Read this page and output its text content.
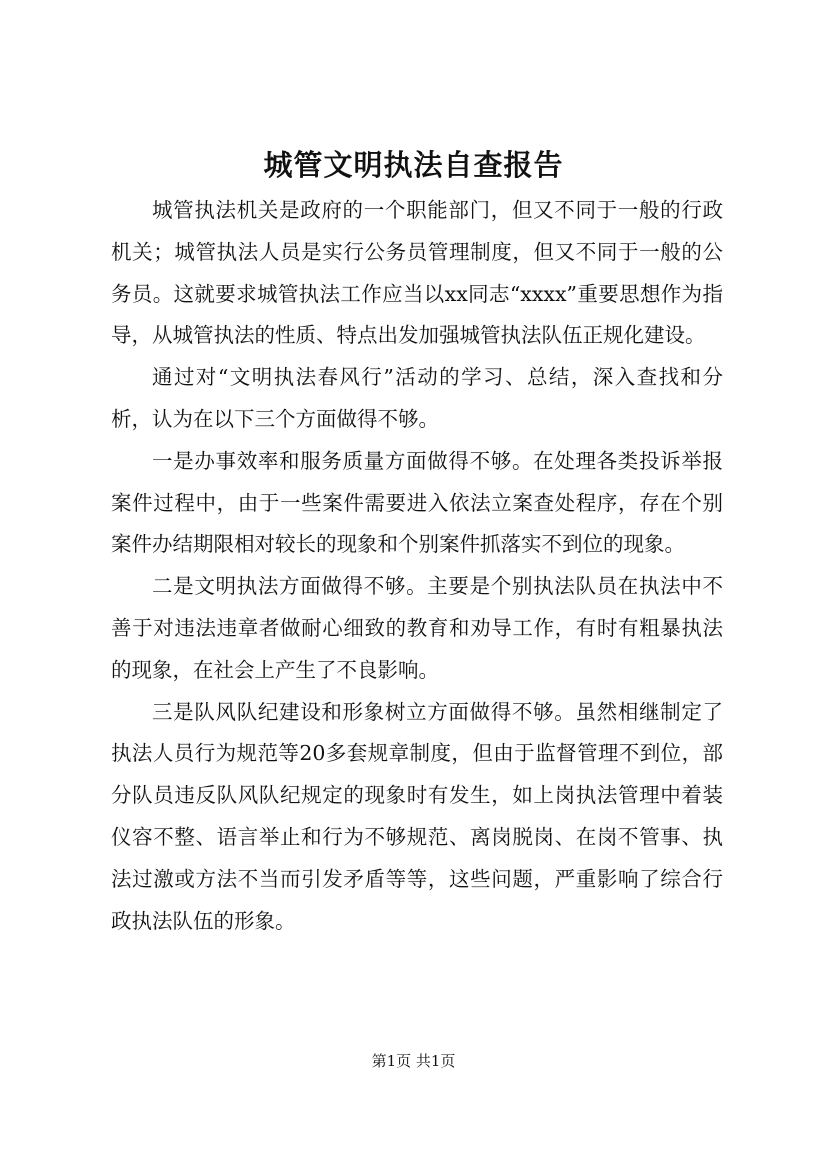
城管文明执法自查报告

城管执法机关是政府的一个职能部门，但又不同于一般的行政机关；城管执法人员是实行公务员管理制度，但又不同于一般的公务员。这就要求城管执法工作应当以xx同志“xxxx”重要思想作为指导，从城管执法的性质、特点出发加强城管执法队伍正规化建设。

通过对“文明执法春风行”活动的学习、总结，深入查找和分析，认为在以下三个方面做得不够。

一是办事效率和服务质量方面做得不够。在处理各类投诉举报案件过程中，由于一些案件需要进入依法立案查处程序，存在个别案件办结期限相对较长的现象和个别案件抓落实不到位的现象。

二是文明执法方面做得不够。主要是个别执法队员在执法中不善于对违法违章者做耐心细致的教育和劝导工作，有时有粗暴执法的现象，在社会上产生了不良影响。

三是队风队纪建设和形象树立方面做得不够。虽然相继制定了执法人员行为规范等20多套规章制度，但由于监督管理不到位，部分队员违反队风队纪规定的现象时有发生，如上岗执法管理中着装仪容不整、语言举止和行为不够规范、离岗脱岗、在岗不管事、执法过激或方法不当而引发矛盾等等，这些问题，严重影响了综合行政执法队伍的形象。

第1页 共1页
